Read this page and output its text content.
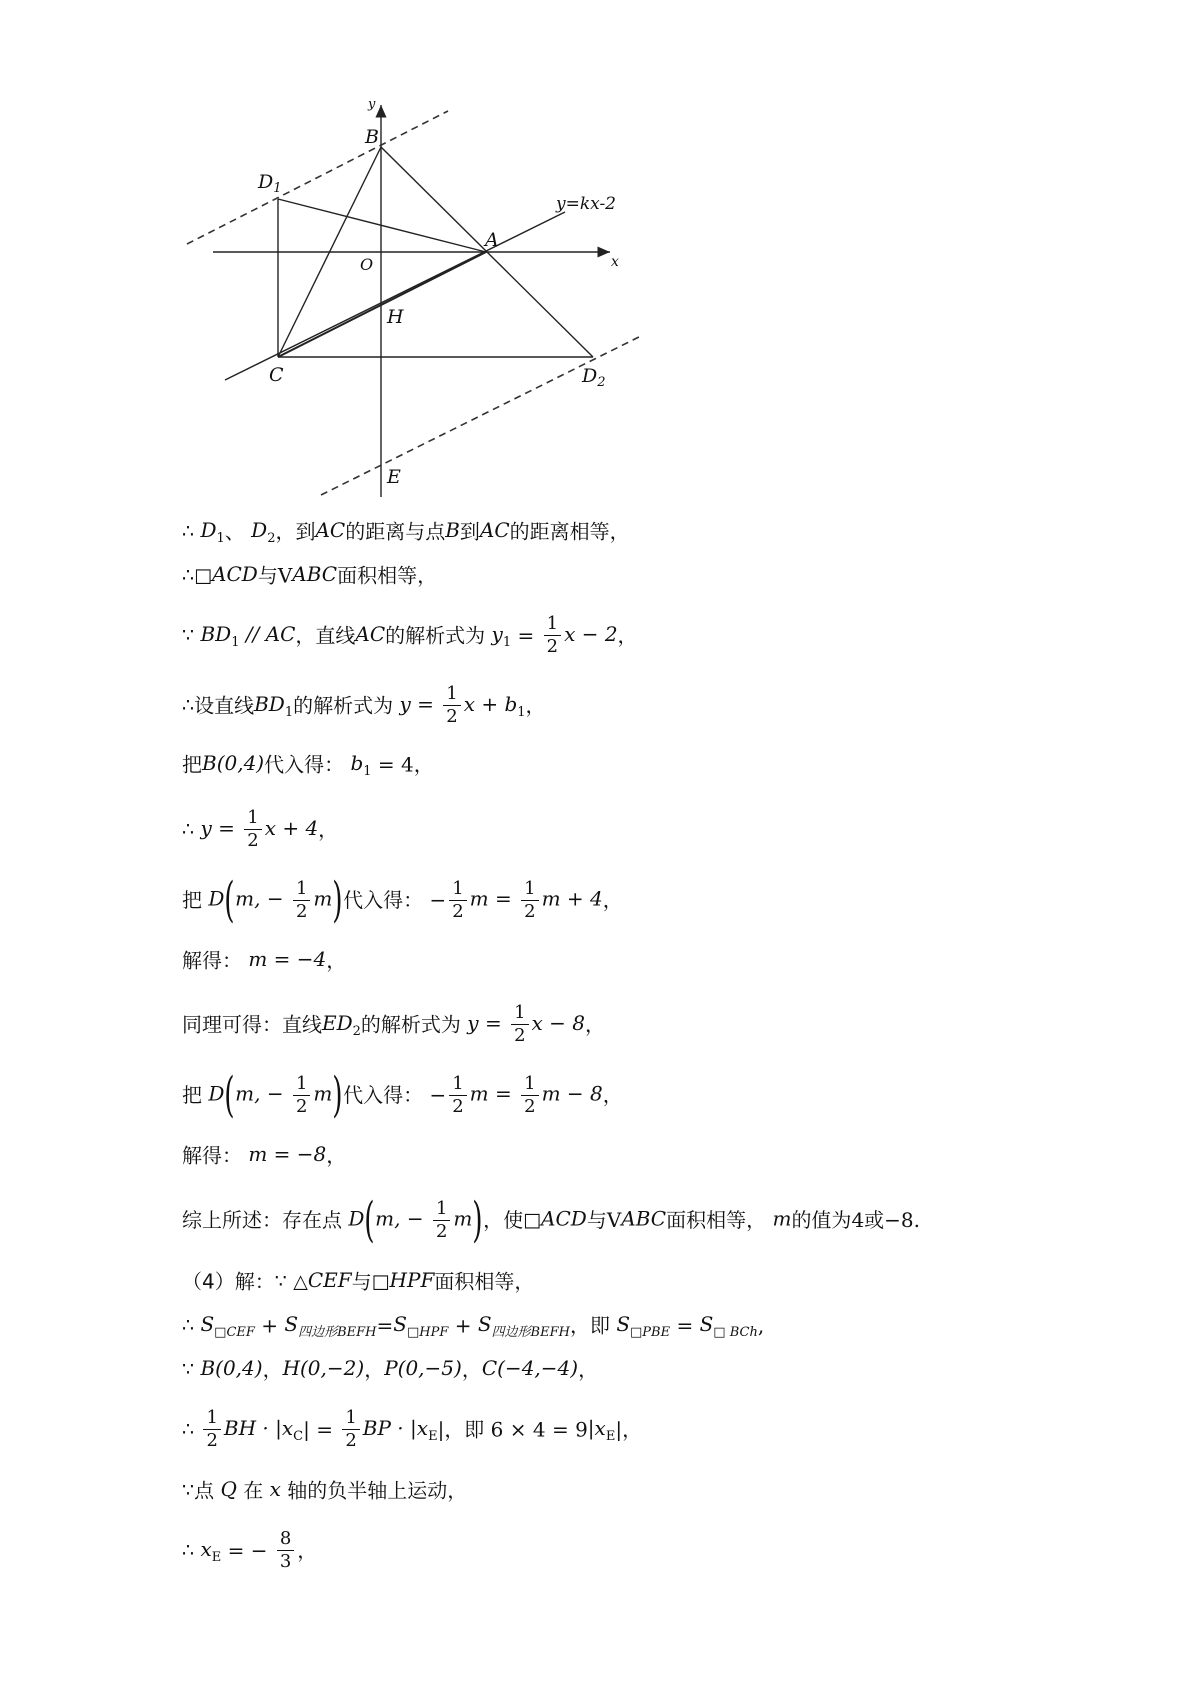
y
x
O
B
A
C
H
E
$D_1$
$D_2$
y=kx-2
∴ $D_1$、 $D_2$，到AC的距离与点B到AC的距离相等，
∴□ACD与VABC面积相等，
∵ $BD_1$ // AC，直线AC的解析式为 $y_1 = \frac{1}{2}$ x − 2，
∴设直线$BD_1$的解析式为 $y = \frac{1}{2}$ $x + b_1$，
把B(0,4)代入得： $b_1 = 4$，
∴ $y = \frac{1}{2}$ x + 4，
把 D(m, − $\frac{1}{2} m$)代入得： − $\frac{1}{2}$ $m = \frac{1}{2}$ m + 4，
解得： m = −4，
同理可得：直线$ED_2$的解析式为 $y = \frac{1}{2}$ x − 8，
把 D(m, − $\frac{1}{2} m$)代入得： − $\frac{1}{2}$ $m = \frac{1}{2}$ m − 8，
解得： m = −8，
综上所述：存在点 D(m, − $\frac{1}{2} m$)，使□ACD与VABC面积相等， m的值为4或−8.
（4）解：∵ △CEF与□HPF面积相等，
∴ $S_{□CEF} + S_{四边形BEFH}=S_{□HPF} + S_{四边形BEFH}$，即 $S_{□PBE} = S_{□ BCh}$,
∵ B(0,4)，H(0,−2)，P(0,−5)，C(−4,−4)，
∴ $\frac{1}{2}$ BH · $|x_C| = \frac{1}{2}$ BP · $|x_E|$，即 $6 \times 4 = 9|x_E|$，
∵点 Q 在 x 轴的负半轴上运动，
∴ $x_E$ = − $\frac{8}{3}$ ，
